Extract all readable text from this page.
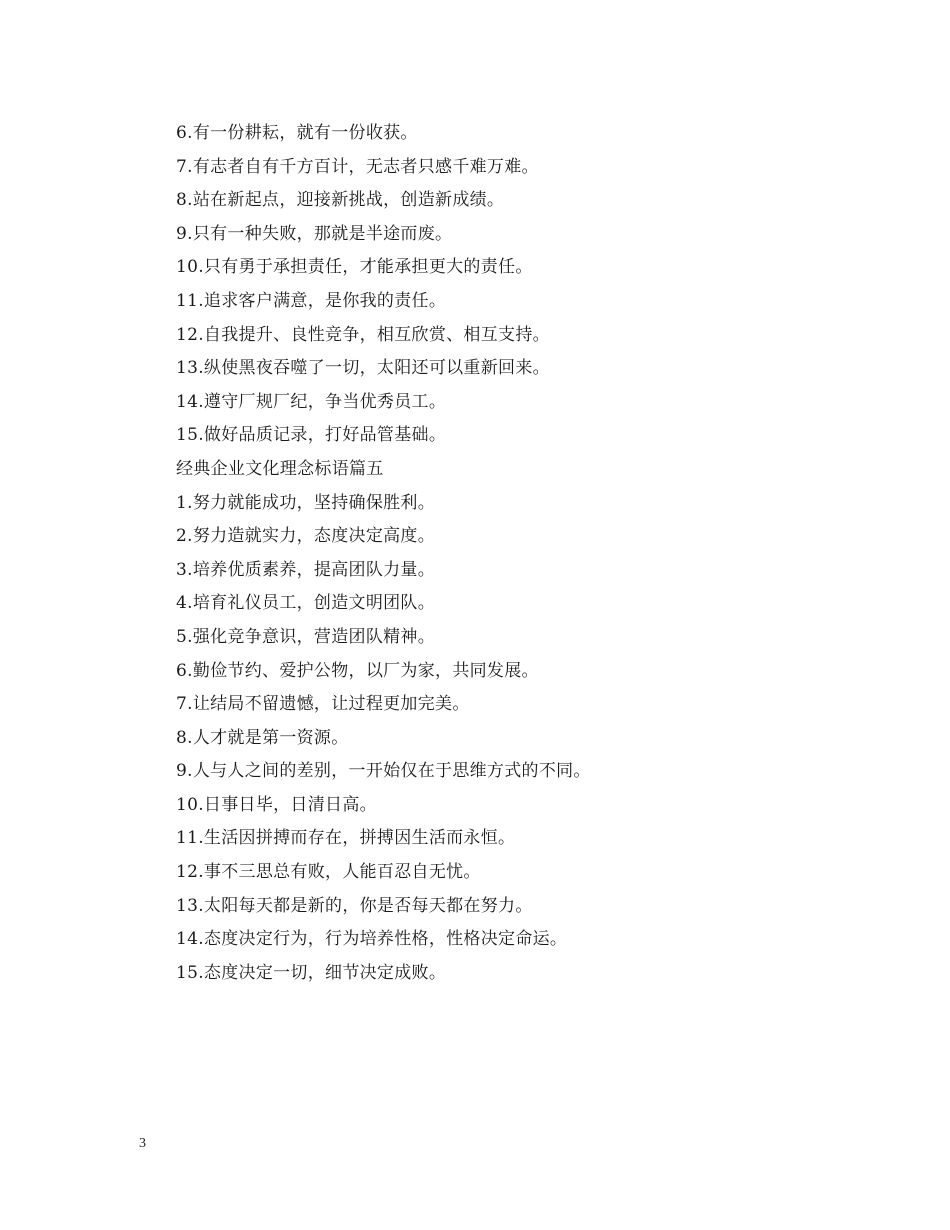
6.有一份耕耘，就有一份收获。
7.有志者自有千方百计，无志者只感千难万难。
8.站在新起点，迎接新挑战，创造新成绩。
9.只有一种失败，那就是半途而废。
10.只有勇于承担责任，才能承担更大的责任。
11.追求客户满意，是你我的责任。
12.自我提升、良性竞争，相互欣赏、相互支持。
13.纵使黑夜吞噬了一切，太阳还可以重新回来。
14.遵守厂规厂纪，争当优秀员工。
15.做好品质记录，打好品管基础。
经典企业文化理念标语篇五
1.努力就能成功，坚持确保胜利。
2.努力造就实力，态度决定高度。
3.培养优质素养，提高团队力量。
4.培育礼仪员工，创造文明团队。
5.强化竞争意识，营造团队精神。
6.勤俭节约、爱护公物，以厂为家，共同发展。
7.让结局不留遗憾，让过程更加完美。
8.人才就是第一资源。
9.人与人之间的差别，一开始仅在于思维方式的不同。
10.日事日毕，日清日高。
11.生活因拼搏而存在，拼搏因生活而永恒。
12.事不三思总有败，人能百忍自无忧。
13.太阳每天都是新的，你是否每天都在努力。
14.态度决定行为，行为培养性格，性格决定命运。
15.态度决定一切，细节决定成败。
3
